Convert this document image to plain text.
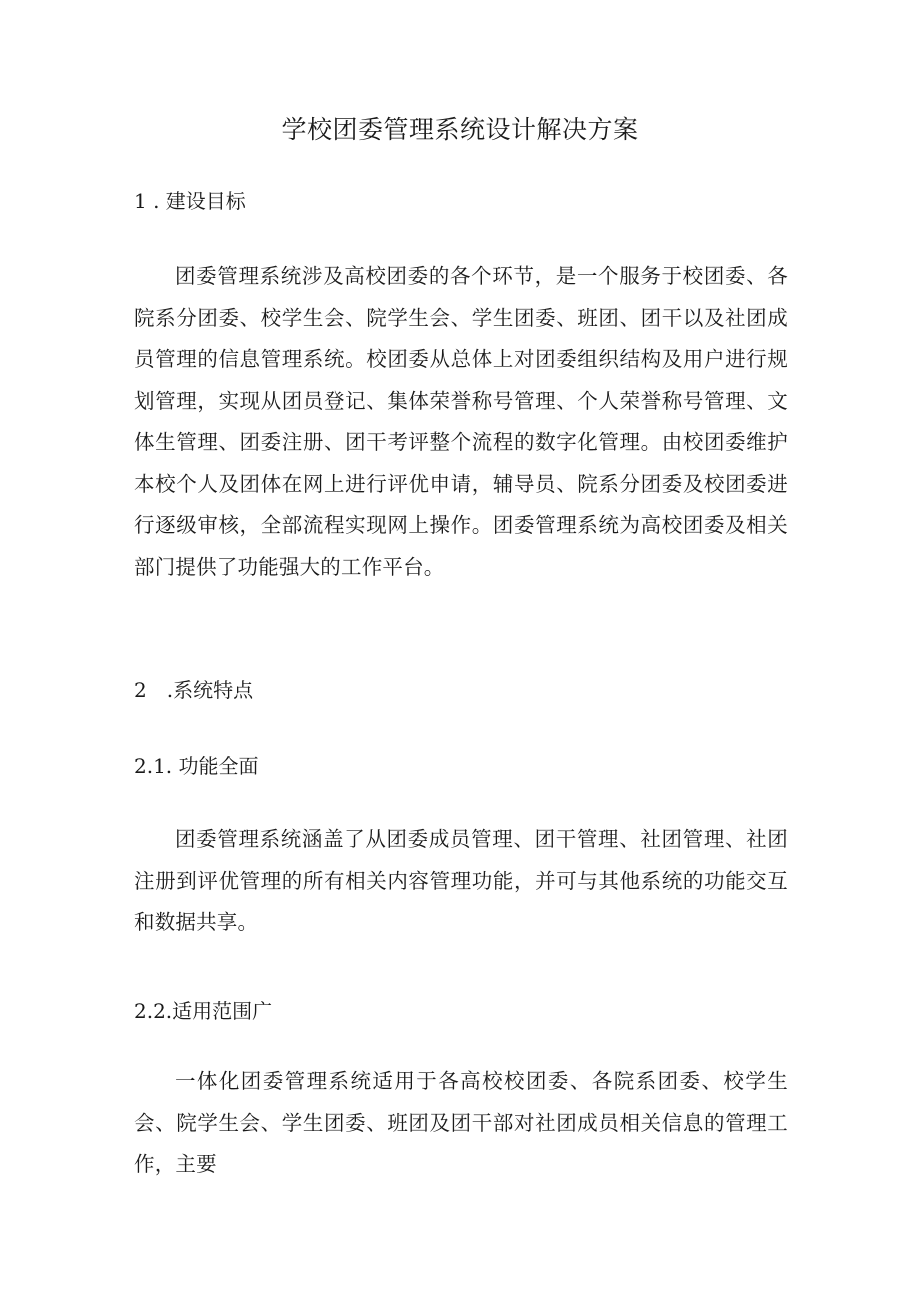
学校团委管理系统设计解决方案
1 . 建设目标

团委管理系统涉及高校团委的各个环节，是一个服务于校团委、各院系分团委、校学生会、院学生会、学生团委、班团、团干以及社团成员管理的信息管理系统。校团委从总体上对团委组织结构及用户进行规划管理，实现从团员登记、集体荣誉称号管理、个人荣誉称号管理、文体生管理、团委注册、团干考评整个流程的数字化管理。由校团委维护本校个人及团体在网上进行评优申请，辅导员、院系分团委及校团委进行逐级审核，全部流程实现网上操作。团委管理系统为高校团委及相关部门提供了功能强大的工作平台。

2　.系统特点
2.1. 功能全面

团委管理系统涵盖了从团委成员管理、团干管理、社团管理、社团注册到评优管理的所有相关内容管理功能，并可与其他系统的功能交互和数据共享。

2.2.适用范围广

一体化团委管理系统适用于各高校校团委、各院系团委、校学生会、院学生会、学生团委、班团及团干部对社团成员相关信息的管理工作，主要
